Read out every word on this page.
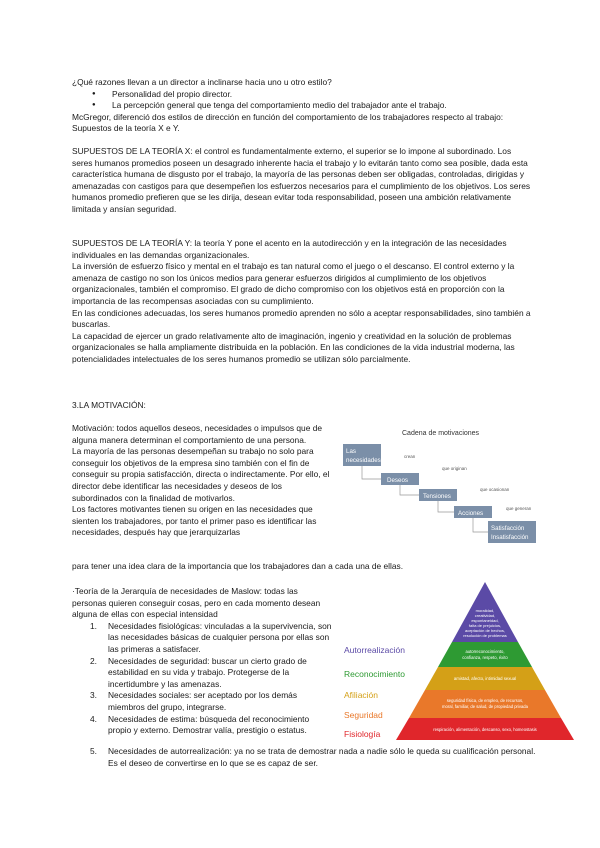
¿Qué razones llevan a un director a inclinarse hacia uno u otro estilo?

● Personalidad del propio director.
● La percepción general que tenga del comportamiento medio del trabajador ante el trabajo.

McGregor, diferenció dos estilos de dirección en función del comportamiento de los trabajadores respecto al trabajo: Supuestos de la teoría X e Y.

SUPUESTOS DE LA TEORÍA X: el control es fundamentalmente externo, el superior se lo impone al subordinado. Los seres humanos promedios poseen un desagrado inherente hacia el trabajo y lo evitarán tanto como sea posible, dada esta característica humana de disgusto por el trabajo, la mayoría de las personas deben ser obligadas, controladas, dirigidas y amenazadas con castigos para que desempeñen los esfuerzos necesarios para el cumplimiento de los objetivos. Los seres humanos promedio prefieren que se les dirija, desean evitar toda responsabilidad, poseen una ambición relativamente limitada y ansían seguridad.

SUPUESTOS DE LA TEORÍA Y: la teoría Y pone el acento en la autodirección y en la integración de las necesidades individuales en las demandas organizacionales.

La inversión de esfuerzo físico y mental en el trabajo es tan natural como el juego o el descanso. El control externo y la amenaza de castigo no son los únicos medios para generar esfuerzos dirigidos al cumplimiento de los objetivos organizacionales, también el compromiso. El grado de dicho compromiso con los objetivos está en proporción con la importancia de las recompensas asociadas con su cumplimiento.

En las condiciones adecuadas, los seres humanos promedio aprenden no sólo a aceptar responsabilidades, sino también a buscarlas.

La capacidad de ejercer un grado relativamente alto de imaginación, ingenio y creatividad en la solución de problemas organizacionales se halla ampliamente distribuida en la población. En las condiciones de la vida industrial moderna, las potencialidades intelectuales de los seres humanos promedio se utilizan sólo parcialmente.

3.LA MOTIVACIÓN:

Motivación: todos aquellos deseos, necesidades o impulsos que de alguna manera determinan el comportamiento de una persona.

La mayoría de las personas desempeñan su trabajo no solo para conseguir los objetivos de la empresa sino también con el fin de conseguir su propia satisfacción, directa o indirectamente. Por ello, el director debe identificar las necesidades y deseos de los subordinados con la finalidad de motivarlos.

Los factores motivantes tienen su origen en las necesidades que sienten los trabajadores, por tanto el primer paso es identificar las necesidades, después hay que jerarquizarlas

para tener una idea clara de la importancia que los trabajadores dan a cada una de ellas.
Cadena de motivaciones
Las
necesidades
Deseos
Tensiones
Acciones
Satisfacción
Insatisfacción
crean
que originan
que ocasionan
que generan

·Teoría de la Jerarquía de necesidades de Maslow: todas las personas quieren conseguir cosas, pero en cada momento desean alguna de ellas con especial intensidad

1. Necesidades fisiológicas: vinculadas a la supervivencia, son las necesidades básicas de cualquier persona por ellas son las primeras a satisfacer.
2. Necesidades de seguridad: buscar un cierto grado de estabilidad en su vida y trabajo. Protegerse de la incertidumbre y las amenazas.
3. Necesidades sociales: ser aceptado por los demás miembros del grupo, integrarse.
4. Necesidades de estima: búsqueda del reconocimiento propio y externo. Demostrar valía, prestigio o estatus.
5. Necesidades de autorrealización: ya no se trata de demostrar nada a nadie sólo le queda su cualificación personal. Es el deseo de convertirse en lo que se es capaz de ser.
moralidad,
creatividad,
espontaneidad,
falta de prejuicios,
aceptación de hechos,
resolución de problemas
autorreconocimiento,
confianza, respeto, éxito
amistad, afecto, intimidad sexual
seguridad física, de empleo, de recursos,
moral, familiar, de salud, de propiedad privada
respiración, alimentación, descanso, sexo, homeostasis
Autorrealización
Reconocimiento
Afiliación
Seguridad
Fisiología
